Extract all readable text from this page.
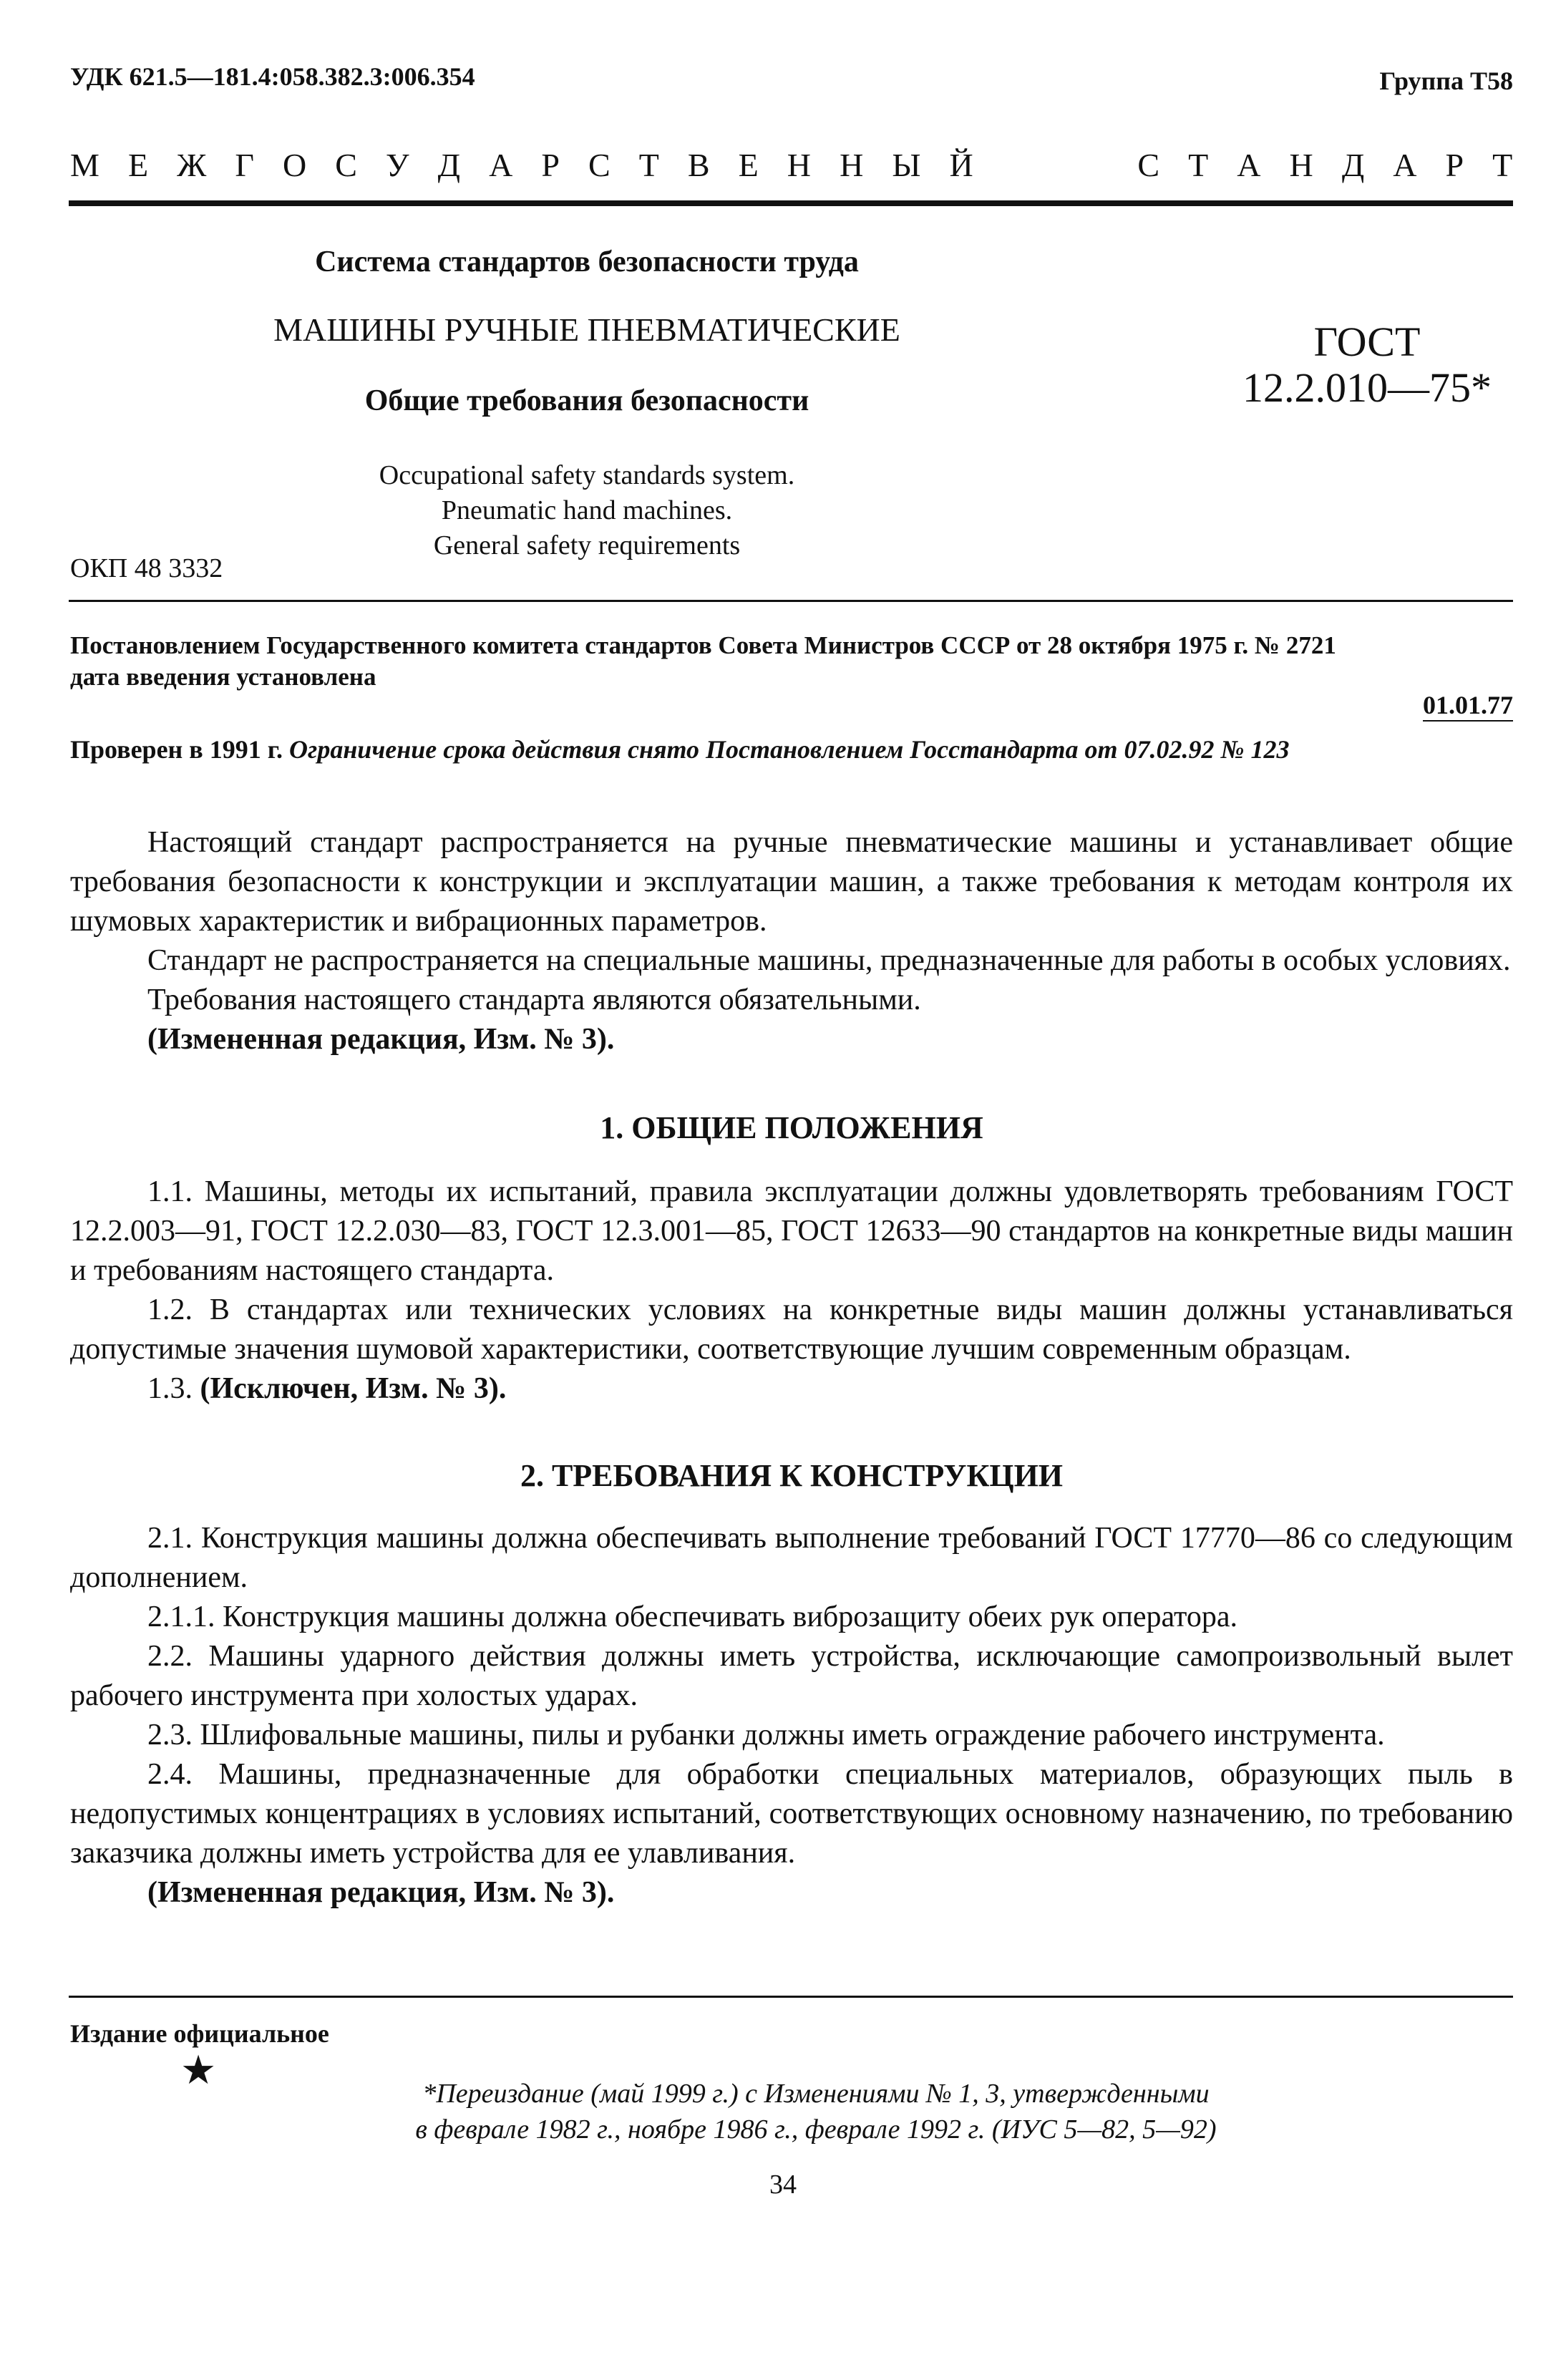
УДК 621.5—181.4:058.382.3:006.354	Группа Т58
М Е Ж Г О С У Д А Р С Т В Е Н Н Ы Й	С Т А Н Д А Р Т
Система стандартов безопасности труда
МАШИНЫ РУЧНЫЕ ПНЕВМАТИЧЕСКИЕ
Общие требования безопасности
Occupational safety standards system.
Pneumatic hand machines.
General safety requirements
ГОСТ
12.2.010—75*
ОКП 48 3332
Постановлением Государственного комитета стандартов Совета Министров СССР от 28 октября 1975 г. № 2721
дата введения установлена
01.01.77
Проверен в 1991 г. Ограничение срока действия снято Постановлением Госстандарта от 07.02.92 № 123

Настоящий стандарт распространяется на ручные пневматические машины и устанавливает общие требования безопасности к конструкции и эксплуатации машин, а также требования к методам контроля их шумовых характеристик и вибрационных параметров.

Стандарт не распространяется на специальные машины, предназначенные для работы в особых условиях.

Требования настоящего стандарта являются обязательными.

(Измененная редакция, Изм. № 3).

1. ОБЩИЕ ПОЛОЖЕНИЯ

1.1. Машины, методы их испытаний, правила эксплуатации должны удовлетворять требованиям ГОСТ 12.2.003—91, ГОСТ 12.2.030—83, ГОСТ 12.3.001—85, ГОСТ 12633—90 стандартов на конкретные виды машин и требованиям настоящего стандарта.

1.2. В стандартах или технических условиях на конкретные виды машин должны устанавливаться допустимые значения шумовой характеристики, соответствующие лучшим современным образцам.

1.3. (Исключен, Изм. № 3).

2. ТРЕБОВАНИЯ К КОНСТРУКЦИИ

2.1. Конструкция машины должна обеспечивать выполнение требований ГОСТ 17770—86 со следующим дополнением.

2.1.1. Конструкция машины должна обеспечивать виброзащиту обеих рук оператора.

2.2. Машины ударного действия должны иметь устройства, исключающие самопроизвольный вылет рабочего инструмента при холостых ударах.

2.3. Шлифовальные машины, пилы и рубанки должны иметь ограждение рабочего инструмента.

2.4. Машины, предназначенные для обработки специальных материалов, образующих пыль в недопустимых концентрациях в условиях испытаний, соответствующих основному назначению, по требованию заказчика должны иметь устройства для ее улавливания.

(Измененная редакция, Изм. № 3).

Издание официальное
★
*Переиздание (май 1999 г.) с Изменениями № 1, 3, утвержденными
в феврале 1982 г., ноябре 1986 г., феврале 1992 г. (ИУС 5—82, 5—92)
34
